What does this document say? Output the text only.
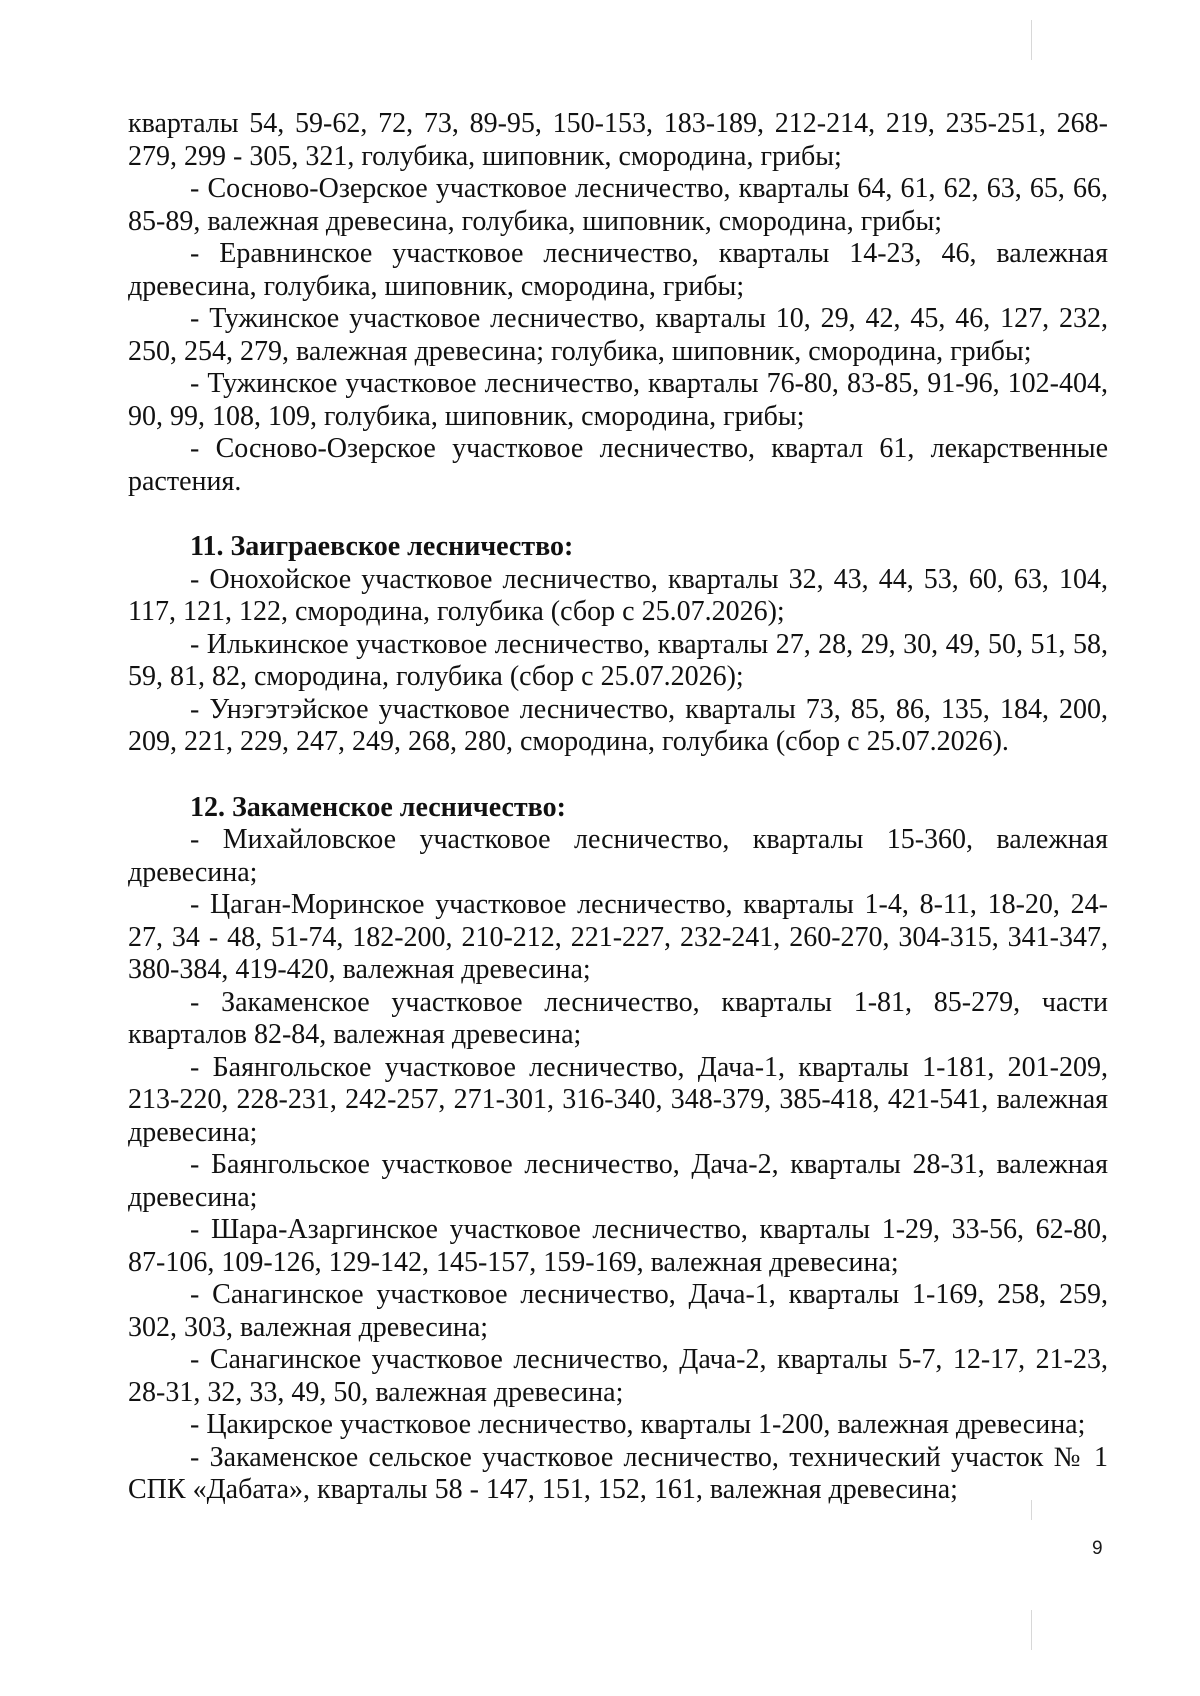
кварталы 54, 59-62, 72, 73, 89-95, 150-153, 183-189, 212-214, 219, 235-251, 268-279, 299 - 305, 321, голубика, шиповник, смородина, грибы;

- Сосново-Озерское участковое лесничество, кварталы 64, 61, 62, 63, 65, 66, 85-89, валежная древесина, голубика, шиповник, смородина, грибы;

- Еравнинское участковое лесничество, кварталы 14-23, 46, валежная древесина, голубика, шиповник, смородина, грибы;

- Тужинское участковое лесничество, кварталы 10, 29, 42, 45, 46, 127, 232, 250, 254, 279, валежная древесина; голубика, шиповник, смородина, грибы;

- Тужинское участковое лесничество, кварталы 76-80, 83-85, 91-96, 102-404, 90, 99, 108, 109, голубика, шиповник, смородина, грибы;

- Сосново-Озерское участковое лесничество, квартал 61, лекарственные растения.

11. Заиграевское лесничество:

- Онохойское участковое лесничество, кварталы 32, 43, 44, 53, 60, 63, 104, 117, 121, 122, смородина, голубика (сбор с 25.07.2026);

- Илькинское участковое лесничество, кварталы 27, 28, 29, 30, 49, 50, 51, 58, 59, 81, 82, смородина, голубика (сбор с 25.07.2026);

- Унэгэтэйское участковое лесничество, кварталы 73, 85, 86, 135, 184, 200, 209, 221, 229, 247, 249, 268, 280, смородина, голубика (сбор с 25.07.2026).

12. Закаменское лесничество:

- Михайловское участковое лесничество, кварталы 15-360, валежная древесина;

- Цаган-Моринское участковое лесничество, кварталы 1-4, 8-11, 18-20, 24-27, 34 - 48, 51-74, 182-200, 210-212, 221-227, 232-241, 260-270, 304-315, 341-347, 380-384, 419-420, валежная древесина;

- Закаменское участковое лесничество, кварталы 1-81, 85-279, части кварталов 82-84, валежная древесина;

- Баянгольское участковое лесничество, Дача-1, кварталы 1-181, 201-209, 213-220, 228-231, 242-257, 271-301, 316-340, 348-379, 385-418, 421-541, валежная древесина;

- Баянгольское участковое лесничество, Дача-2, кварталы 28-31, валежная древесина;

- Шара-Азаргинское участковое лесничество, кварталы 1-29, 33-56, 62-80, 87-106, 109-126, 129-142, 145-157, 159-169, валежная древесина;

- Санагинское участковое лесничество, Дача-1, кварталы 1-169, 258, 259, 302, 303, валежная древесина;

- Санагинское участковое лесничество, Дача-2, кварталы 5-7, 12-17, 21-23, 28-31, 32, 33, 49, 50, валежная древесина;

- Цакирское участковое лесничество, кварталы 1-200, валежная древесина;

- Закаменское сельское участковое лесничество, технический участок № 1 СПК «Дабата», кварталы 58 - 147, 151, 152, 161, валежная древесина;

9
